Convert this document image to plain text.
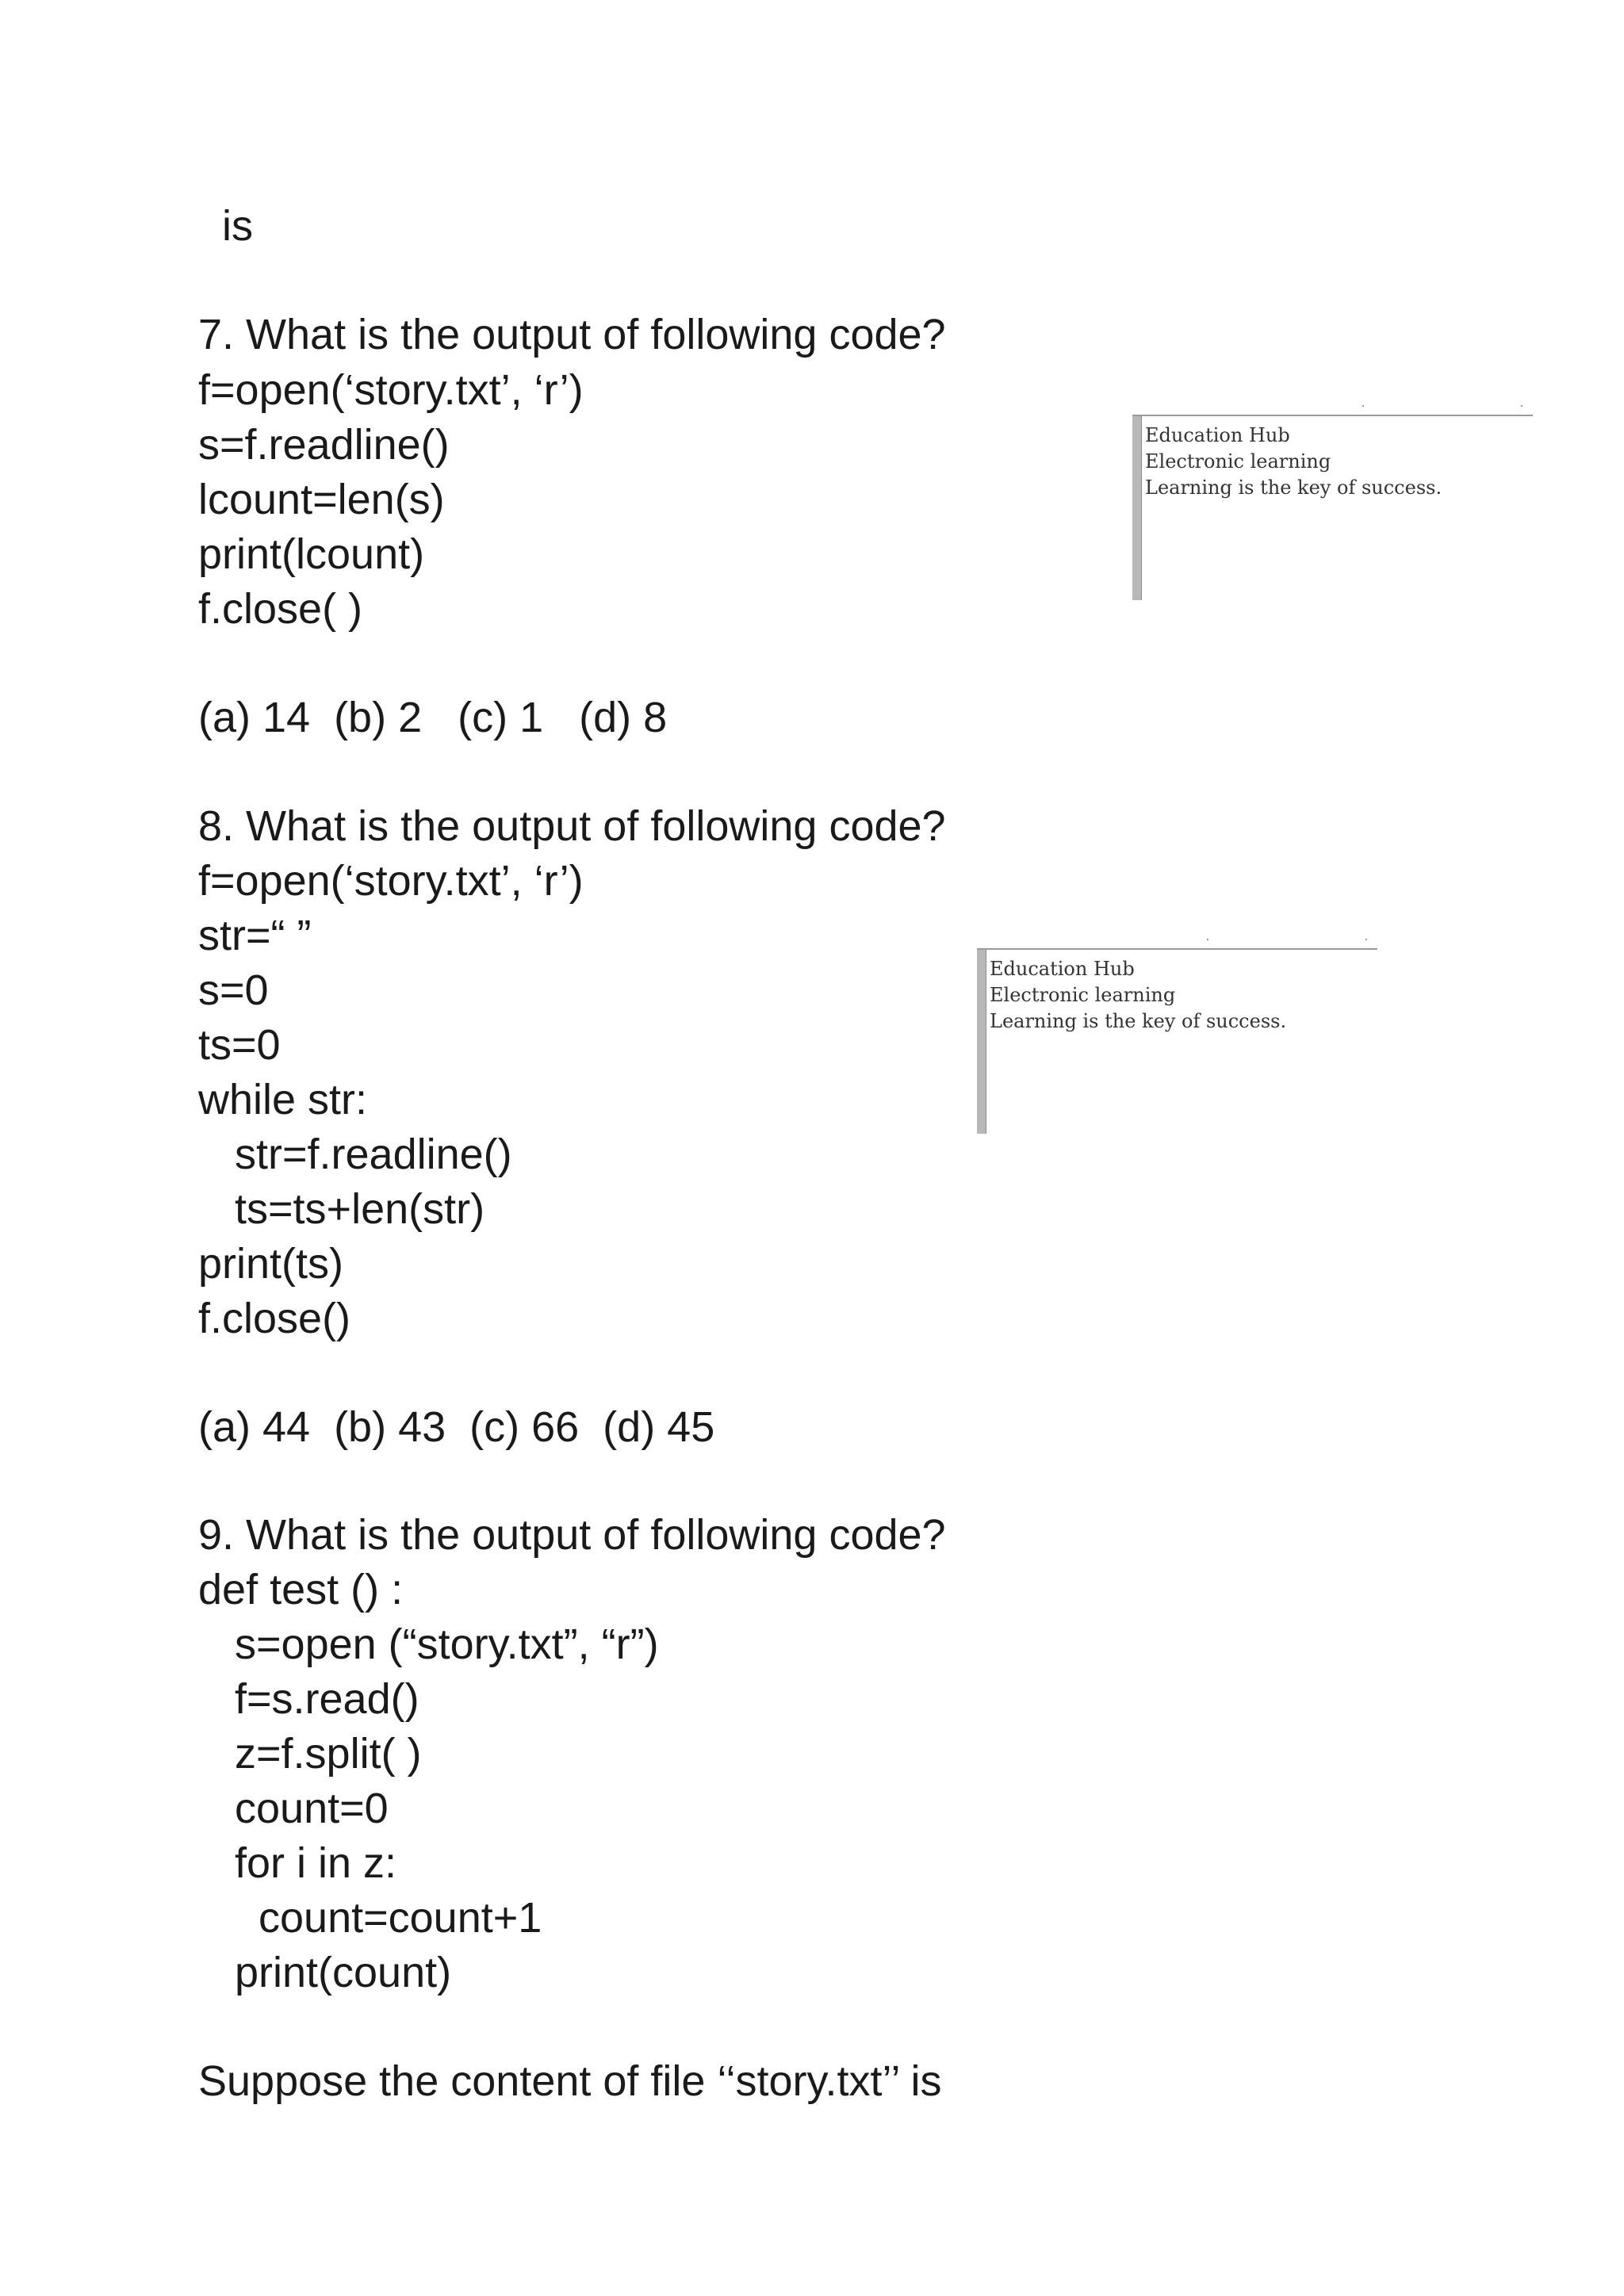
is

7. What is the output of following code?

f=open(‘story.txt’, ‘r’)

s=f.readline()

lcount=len(s)

print(lcount)

f.close( )

(a) 14  (b) 2   (c) 1   (d) 8

Education Hub
Electronic learning
Learning is the key of success.

8. What is the output of following code?

f=open(‘story.txt’, ‘r’)

str=“ ”

s=0

ts=0

while str:

str=f.readline()

ts=ts+len(str)

print(ts)

f.close()

(a) 44  (b) 43  (c) 66  (d) 45

Education Hub
Electronic learning
Learning is the key of success.

9. What is the output of following code?

def test () :

s=open (“story.txt”, “r”)

f=s.read()

z=f.split( )

count=0

for i in z:

count=count+1

print(count)

Suppose the content of file ‘‘story.txt’’ is
